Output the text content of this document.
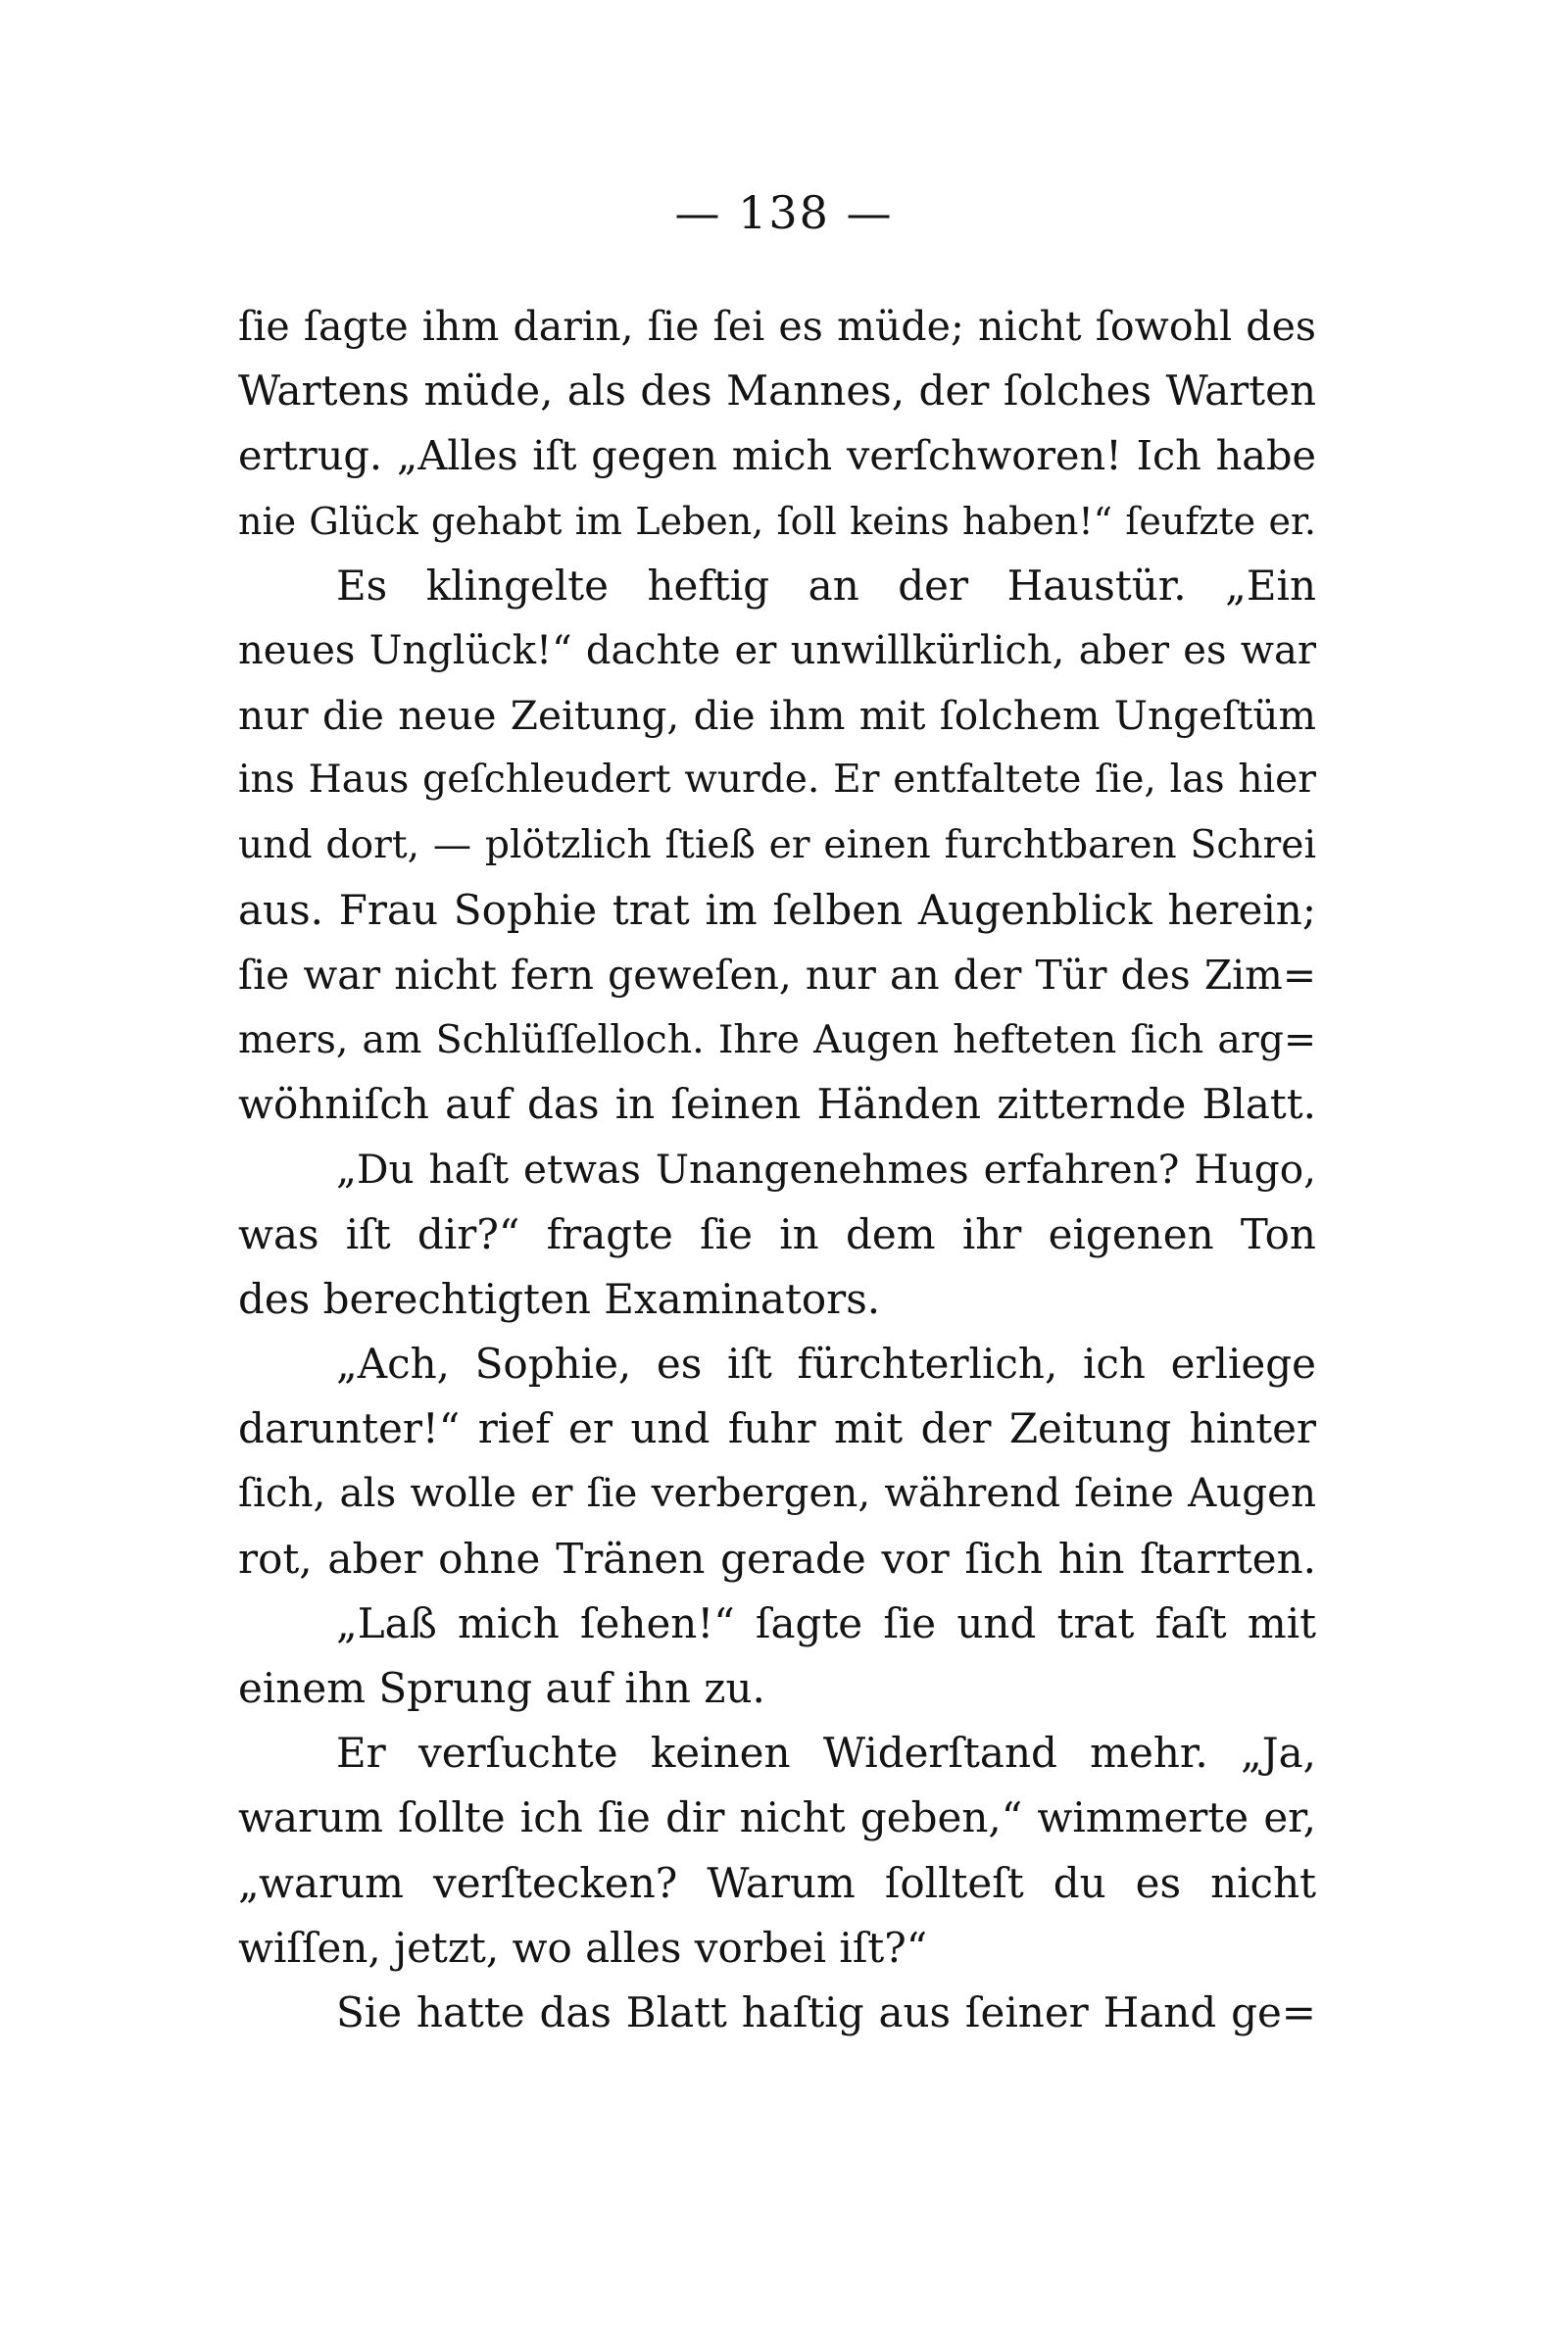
— 138 —
ſie ſagte ihm darin, ſie ſei es müde; nicht ſowohl des
Wartens müde, als des Mannes, der ſolches Warten
ertrug. „Alles iſt gegen mich verſchworen! Ich habe
nie Glück gehabt im Leben, ſoll keins haben!“ ſeufzte er.
Es klingelte heftig an der Haustür. „Ein
neues Unglück!“ dachte er unwillkürlich, aber es war
nur die neue Zeitung, die ihm mit ſolchem Ungeſtüm
ins Haus geſchleudert wurde. Er entfaltete ſie, las hier
und dort, — plötzlich ſtieß er einen furchtbaren Schrei
aus. Frau Sophie trat im ſelben Augenblick herein;
ſie war nicht fern geweſen, nur an der Tür des Zim=
mers, am Schlüſſelloch. Ihre Augen hefteten ſich arg=
wöhniſch auf das in ſeinen Händen zitternde Blatt.
„Du haſt etwas Unangenehmes erfahren? Hugo,
was iſt dir?“ fragte ſie in dem ihr eigenen Ton
des berechtigten Examinators.
„Ach, Sophie, es iſt fürchterlich, ich erliege
darunter!“ rief er und fuhr mit der Zeitung hinter
ſich, als wolle er ſie verbergen, während ſeine Augen
rot, aber ohne Tränen gerade vor ſich hin ſtarrten.
„Laß mich ſehen!“ ſagte ſie und trat faſt mit
einem Sprung auf ihn zu.
Er verſuchte keinen Widerſtand mehr. „Ja,
warum ſollte ich ſie dir nicht geben,“ wimmerte er,
„warum verſtecken? Warum ſollteſt du es nicht
wiſſen, jetzt, wo alles vorbei iſt?“
Sie hatte das Blatt haſtig aus ſeiner Hand ge=
